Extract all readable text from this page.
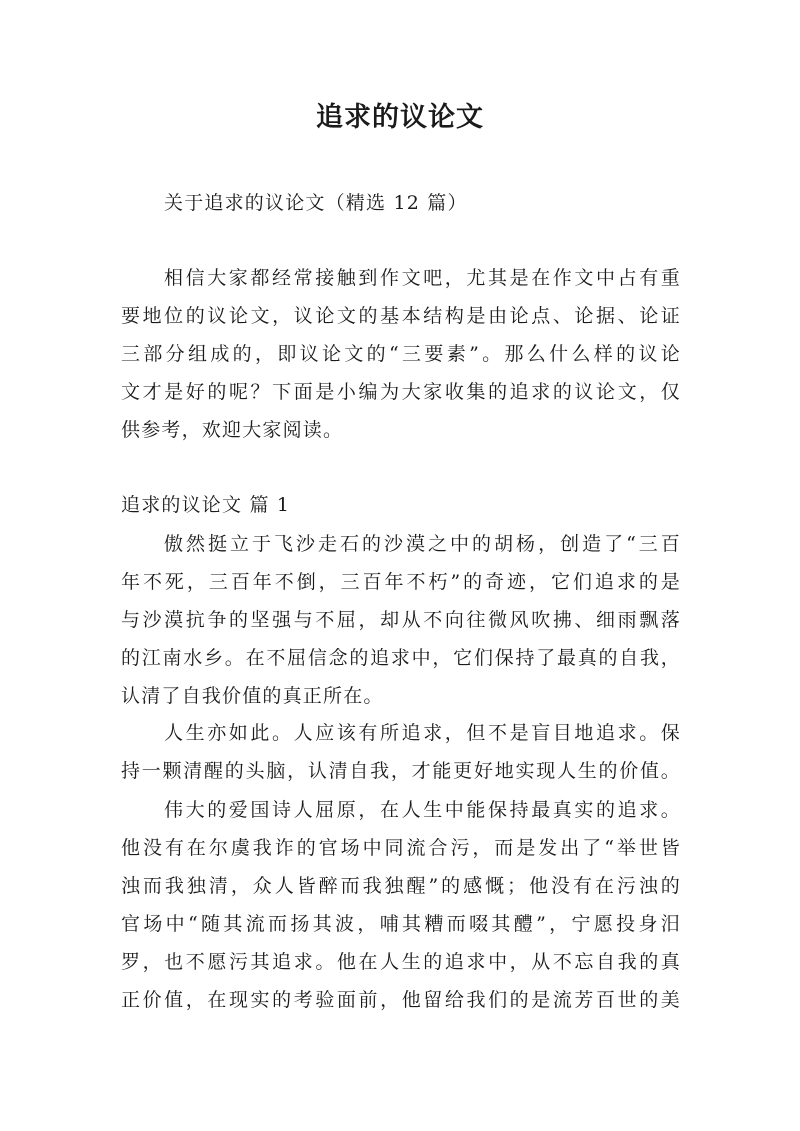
追求的议论文
关于追求的议论文（精选 12 篇）
相信大家都经常接触到作文吧，尤其是在作文中占有重
要地位的议论文，议论文的基本结构是由论点、论据、论证
三部分组成的，即议论文的“三要素”。那么什么样的议论
文才是好的呢？下面是小编为大家收集的追求的议论文，仅
供参考，欢迎大家阅读。
追求的议论文 篇 1
傲然挺立于飞沙走石的沙漠之中的胡杨，创造了“三百
年不死，三百年不倒，三百年不朽”的奇迹，它们追求的是
与沙漠抗争的坚强与不屈，却从不向往微风吹拂、细雨飘落
的江南水乡。在不屈信念的追求中，它们保持了最真的自我，
认清了自我价值的真正所在。
人生亦如此。人应该有所追求，但不是盲目地追求。保
持一颗清醒的头脑，认清自我，才能更好地实现人生的价值。
伟大的爱国诗人屈原，在人生中能保持最真实的追求。
他没有在尔虞我诈的官场中同流合污，而是发出了“举世皆
浊而我独清，众人皆醉而我独醒”的感慨；他没有在污浊的
官场中“随其流而扬其波，哺其糟而啜其醴”，宁愿投身汨
罗，也不愿污其追求。他在人生的追求中，从不忘自我的真
正价值，在现实的考验面前，他留给我们的是流芳百世的美
